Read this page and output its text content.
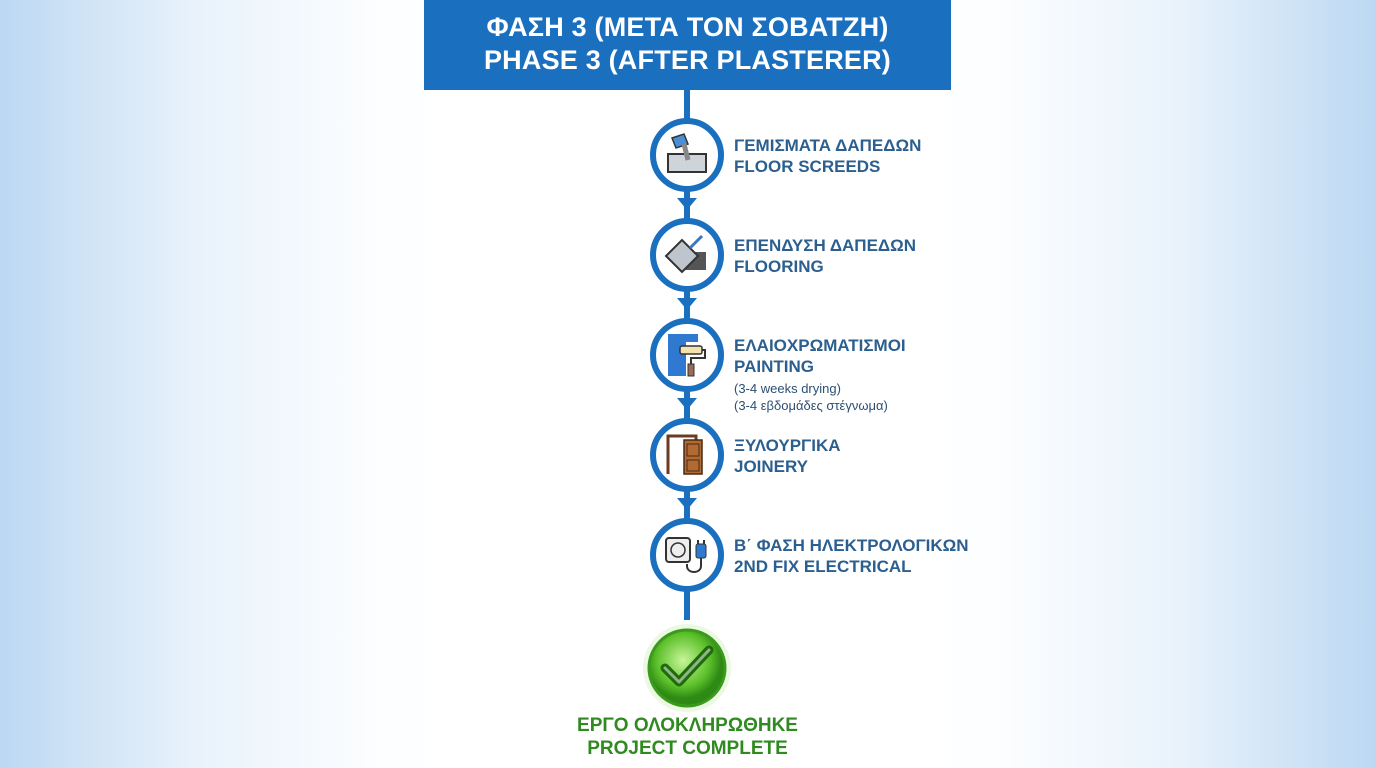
ΦΑΣΗ 3 (ΜΕΤΑ ΤΟΝ ΣΟΒΑΤΖΗ)
PHASE 3 (AFTER PLASTERER)
ΓΕΜΙΣΜΑΤΑ ΔΑΠΕΔΩΝ
FLOOR SCREEDS
ΕΠΕΝΔΥΣΗ ΔΑΠΕΔΩΝ
FLOORING
ΕΛΑΙΟΧΡΩΜΑΤΙΣΜΟΙ
PAINTING
(3-4 weeks drying)
(3-4 εβδομάδες στέγνωμα)
ΞΥΛΟΥΡΓΙΚΑ
JOINERY
Β΄ ΦΑΣΗ ΗΛΕΚΤΡΟΛΟΓΙΚΩΝ
2ND FIX ELECTRICAL
ΕΡΓΟ ΟΛΟΚΛΗΡΩΘΗΚΕ
PROJECT COMPLETE
